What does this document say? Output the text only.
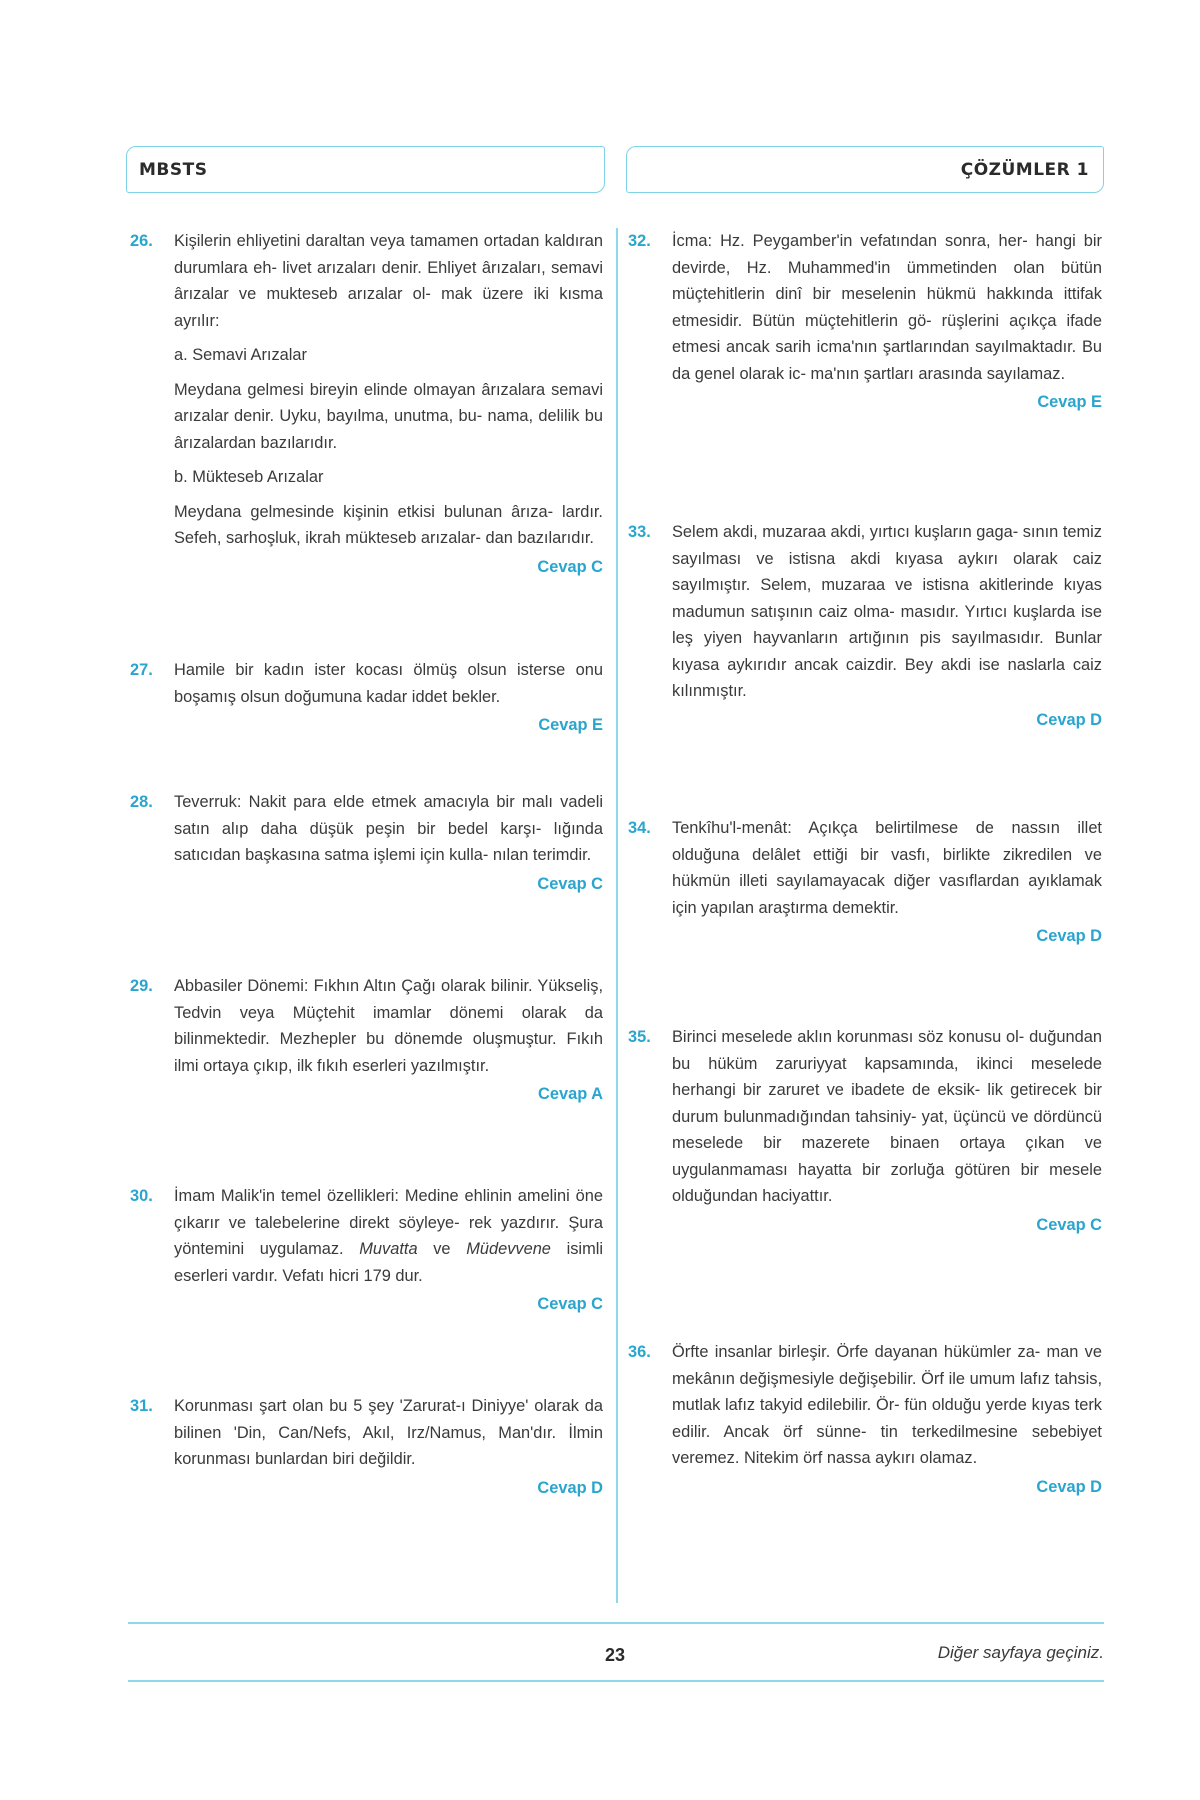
MBSTS	ÇÖZÜMLER 1
26. Kişilerin ehliyetini daraltan veya tamamen ortadan kaldıran durumlara eh- livet arızaları denir. Ehliyet ârızaları, semavi ârızalar ve mukteseb arızalar ol- mak üzere iki kısma ayrılır:

a. Semavi Arızalar

Meydana gelmesi bireyin elinde olmayan ârızalara semavi arızalar denir. Uyku, bayılma, unutma, bu- nama, delilik bu ârızalardan bazılarıdır.

b. Mükteseb Arızalar

Meydana gelmesinde kişinin etkisi bulunan ârıza- lardır. Sefeh, sarhoşluk, ikrah mükteseb arızalar- dan bazılarıdır.

Cevap C
27. Hamile bir kadın ister kocası ölmüş olsun isterse onu boşamış olsun doğumuna kadar iddet bekler.

Cevap E
28. Teverruk: Nakit para elde etmek amacıyla bir malı vadeli satın alıp daha düşük peşin bir bedel karşı- lığında satıcıdan başkasına satma işlemi için kulla- nılan terimdir.

Cevap C
29. Abbasiler Dönemi: Fıkhın Altın Çağı olarak bilinir. Yükseliş, Tedvin veya Müçtehit imamlar dönemi olarak da bilinmektedir. Mezhepler bu dönemde oluşmuştur. Fıkıh ilmi ortaya çıkıp, ilk fıkıh eserleri yazılmıştır.

Cevap A
30. İmam Malik'in temel özellikleri: Medine ehlinin amelini öne çıkarır ve talebelerine direkt söyleye- rek yazdırır. Şura yöntemini uygulamaz. Muvatta ve Müdevvene isimli eserleri vardır. Vefatı hicri 179 dur.

Cevap C
31. Korunması şart olan bu 5 şey 'Zarurat-ı Diniyye' olarak da bilinen 'Din, Can/Nefs, Akıl, Irz/Namus, Man'dır. İlmin korunması bunlardan biri değildir.

Cevap D
32. İcma: Hz. Peygamber'in vefatından sonra, her- hangi bir devirde, Hz. Muhammed'in ümmetinden olan bütün müçtehitlerin dinî bir meselenin hükmü hakkında ittifak etmesidir. Bütün müçtehitlerin gö- rüşlerini açıkça ifade etmesi ancak sarih icma'nın şartlarından sayılmaktadır. Bu da genel olarak ic- ma'nın şartları arasında sayılamaz.

Cevap E
33. Selem akdi, muzaraa akdi, yırtıcı kuşların gaga- sının temiz sayılması ve istisna akdi kıyasa aykırı olarak caiz sayılmıştır. Selem, muzaraa ve istisna akitlerinde kıyas madumun satışının caiz olma- masıdır. Yırtıcı kuşlarda ise leş yiyen hayvanların artığının pis sayılmasıdır. Bunlar kıyasa aykırıdır ancak caizdir. Bey akdi ise naslarla caiz kılınmıştır.

Cevap D
34. Tenkîhu'l-menât: Açıkça belirtilmese de nassın illet olduğuna delâlet ettiği bir vasfı, birlikte zikredilen ve hükmün illeti sayılamayacak diğer vasıflardan ayıklamak için yapılan araştırma demektir.

Cevap D
35. Birinci meselede aklın korunması söz konusu ol- duğundan bu hüküm zaruriyyat kapsamında, ikinci meselede herhangi bir zaruret ve ibadete de eksik- lik getirecek bir durum bulunmadığından tahsiniy- yat, üçüncü ve dördüncü meselede bir mazerete binaen ortaya çıkan ve uygulanmaması hayatta bir zorluğa götüren bir mesele olduğundan haciyattır.

Cevap C
36. Örfte insanlar birleşir. Örfe dayanan hükümler za- man ve mekânın değişmesiyle değişebilir. Örf ile umum lafız tahsis, mutlak lafız takyid edilebilir. Ör- fün olduğu yerde kıyas terk edilir. Ancak örf sünne- tin terkedilmesine sebebiyet veremez. Nitekim örf nassa aykırı olamaz.

Cevap D
23	Diğer sayfaya geçiniz.
